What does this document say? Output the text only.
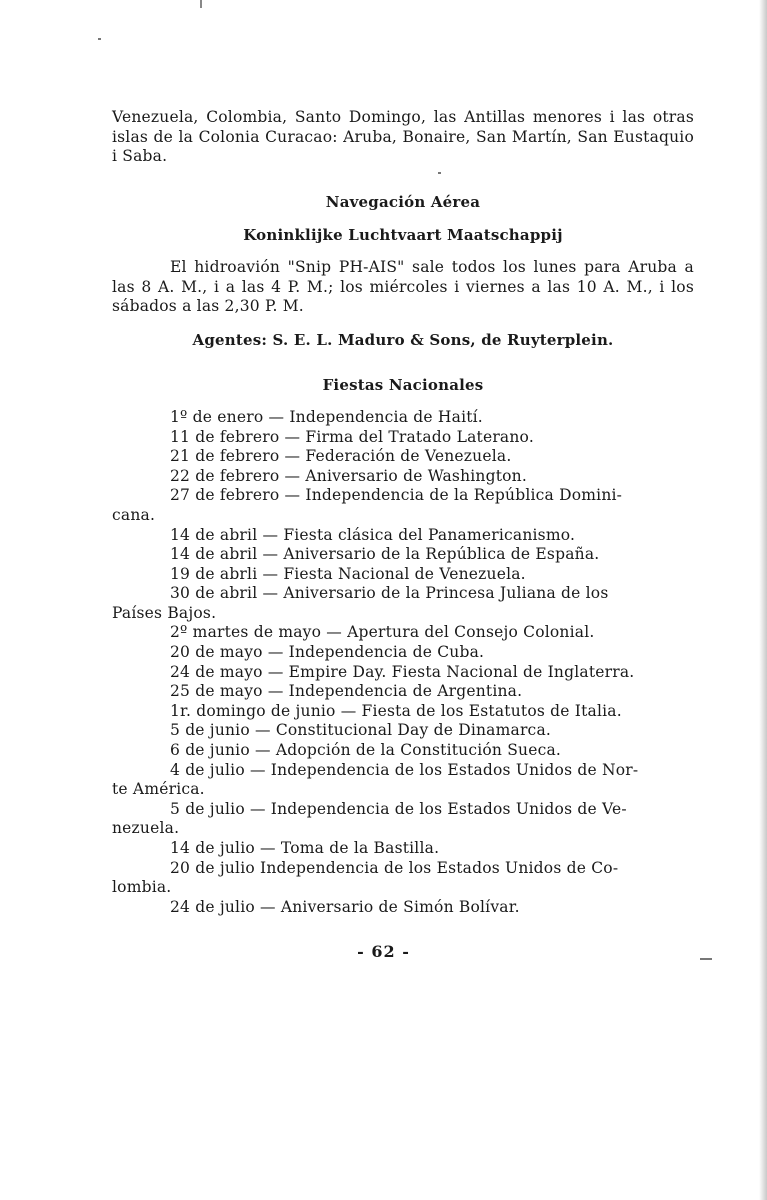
Venezuela, Colombia, Santo Domingo, las Antillas menores i las otras islas de la Colonia Curacao: Aruba, Bonaire, San Martín, San Eustaquio i Saba.

Navegación Aérea
Koninklijke Luchtvaart Maatschappij

El hidroavión "Snip PH-AIS" sale todos los lunes para Aruba a las 8 A. M., i a las 4 P. M.; los miércoles i viernes a las 10 A. M., i los sábados a las 2,30 P. M.

Agentes: S. E. L. Maduro & Sons, de Ruyterplein.
Fiestas Nacionales
1º de enero — Independencia de Haití.
11 de febrero — Firma del Tratado Laterano.
21 de febrero — Federación de Venezuela.
22 de febrero — Aniversario de Washington.
27 de febrero — Independencia de la República Domini-
cana.
14 de abril — Fiesta clásica del Panamericanismo.
14 de abril — Aniversario de la República de España.
19 de abrli — Fiesta Nacional de Venezuela.
30 de abril — Aniversario de la Princesa Juliana de los
Países Bajos.
2º martes de mayo — Apertura del Consejo Colonial.
20 de mayo — Independencia de Cuba.
24 de mayo — Empire Day. Fiesta Nacional de Inglaterra.
25 de mayo — Independencia de Argentina.
1r. domingo de junio — Fiesta de los Estatutos de Italia.
5 de junio — Constitucional Day de Dinamarca.
6 de junio — Adopción de la Constitución Sueca.
4 de julio — Independencia de los Estados Unidos de Nor-
te América.
5 de julio — Independencia de los Estados Unidos de Ve-
nezuela.
14 de julio — Toma de la Bastilla.
20 de julio Independencia de los Estados Unidos de Co-
lombia.
24 de julio — Aniversario de Simón Bolívar.
- 62 -
